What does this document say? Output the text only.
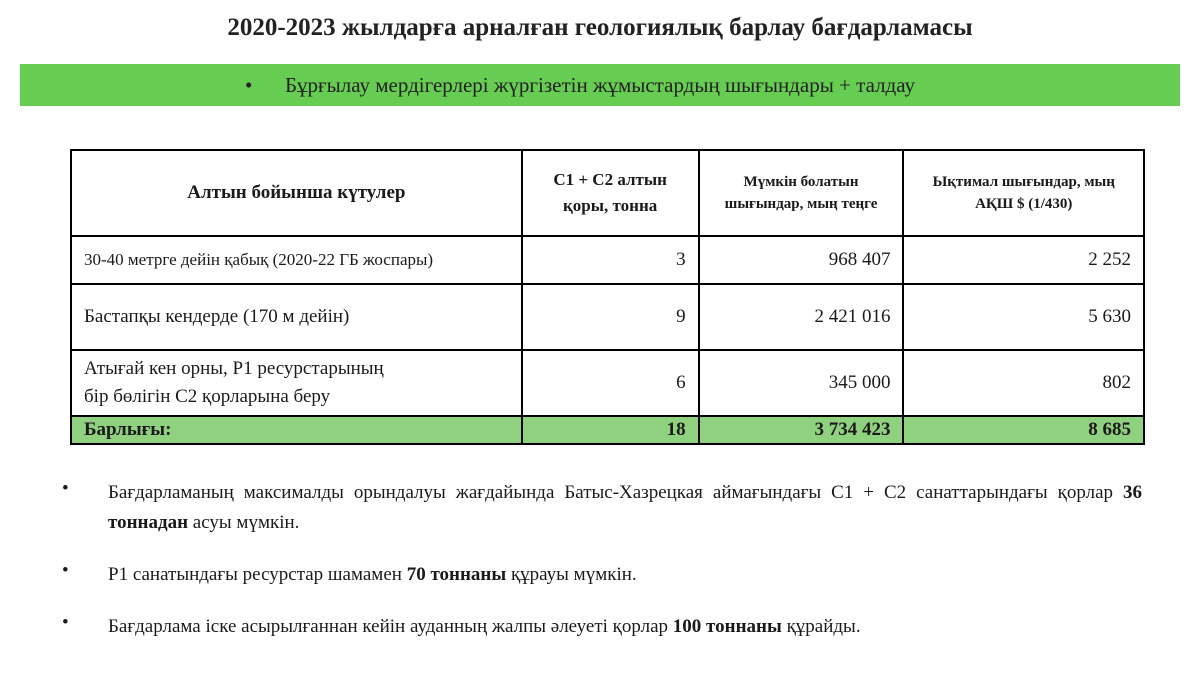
2020-2023 жылдарға арналған геологиялық барлау бағдарламасы
•	Бұрғылау мердігерлері жүргізетін жұмыстардың шығындары + талдау
Алтын бойынша күтулер	С1 + С2 алтын қоры, тонна	Мүмкін болатын шығындар, мың теңге	Ықтимал шығындар, мың АҚШ $ (1/430)
30-40 метрге дейін қабық (2020-22 ГБ жоспары)	3	968 407	2 252
Бастапқы кендерде (170 м дейін)	9	2 421 016	5 630
Атығай кен орны, Р1 ресурстарының
бір бөлігін С2 қорларына беру	6	345 000	802
Барлығы:	18	3 734 423	8 685
•	Бағдарламаның максималды орындалуы жағдайында Батыс-Хазрецкая аймағындағы С1 + С2 санаттарындағы қорлар 36 тоннадан асуы мүмкін.
•	Р1 санатындағы ресурстар шамамен 70 тоннаны құрауы мүмкін.
•	Бағдарлама іске асырылғаннан кейін ауданның жалпы әлеуеті қорлар 100 тоннаны құрайды.
